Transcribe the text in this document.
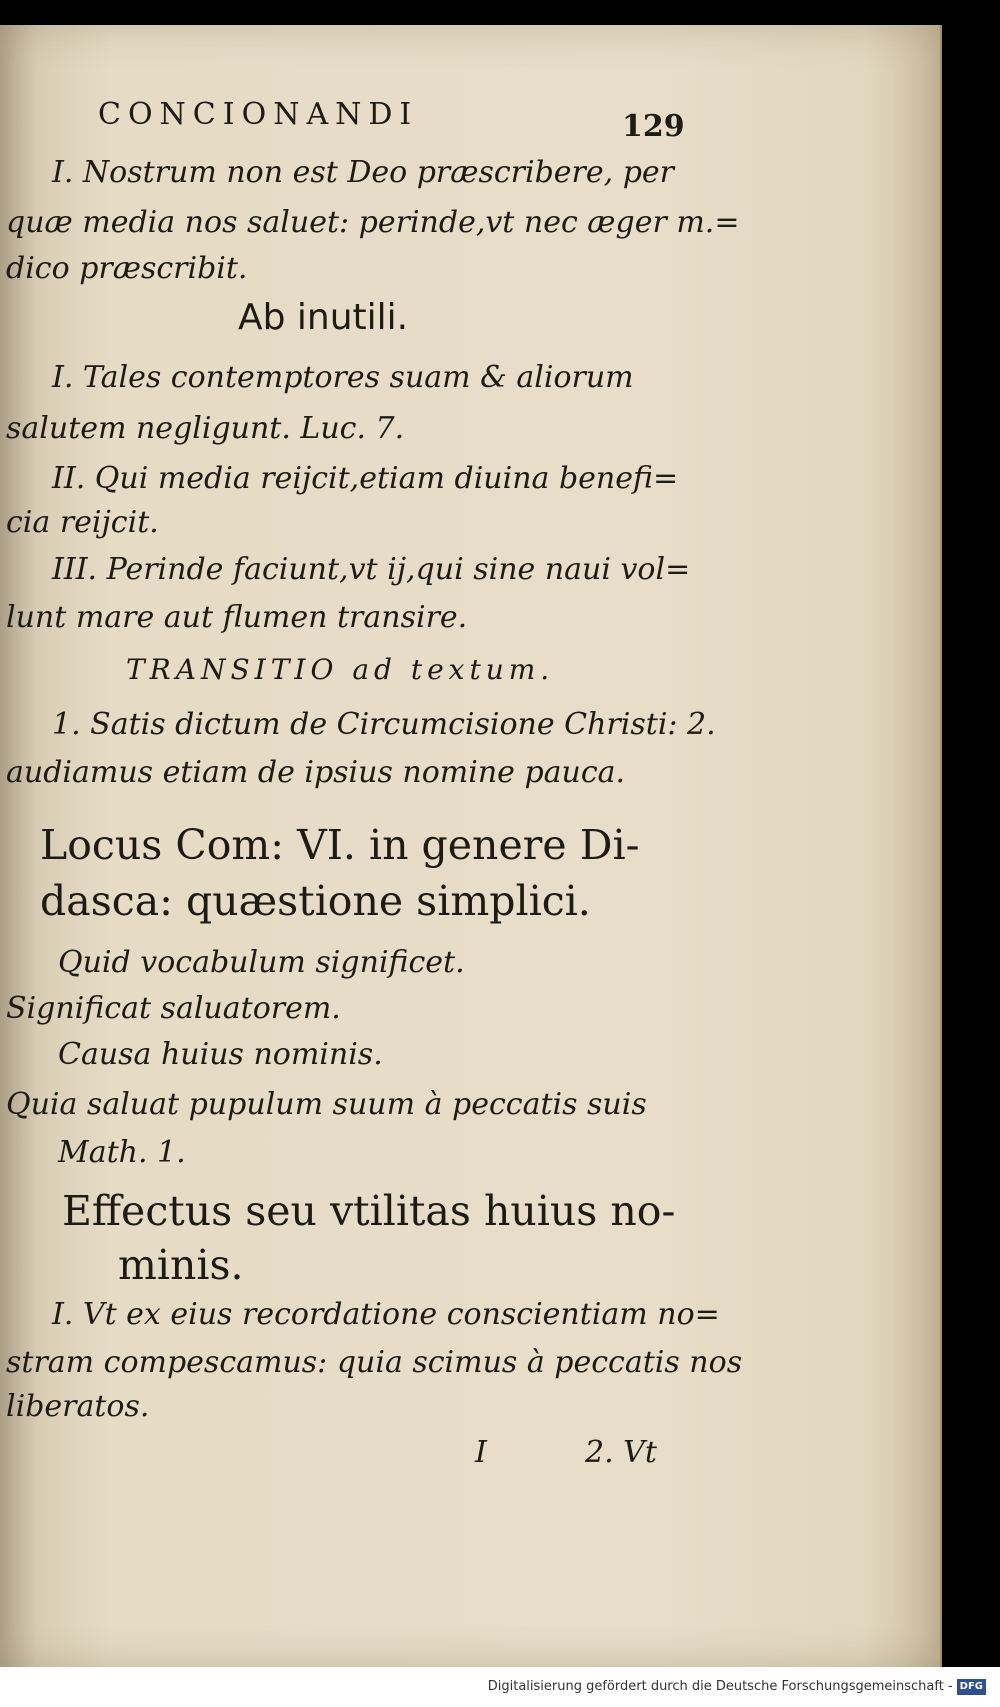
CONCIONANDI	129

I. Nostrum non est Deo præscribere, per

quæ media nos saluet: perinde,vt nec æger m.=

dico præscribit.

Ab inutili.

I. Tales contemptores suam & aliorum

salutem negligunt. Luc. 7.

II. Qui media reijcit,etiam diuina benefi=

cia reijcit.

III. Perinde faciunt,vt ij,qui sine naui vol=

lunt mare aut flumen transire.

TRANSITIO ad textum.

1. Satis dictum de Circumcisione Christi: 2.

audiamus etiam de ipsius nomine pauca.

Locus Com: VI. in genere Di-

dasca: quæstione simplici.

Quid vocabulum significet.

Significat saluatorem.

Causa huius nominis.

Quia saluat pupulum suum à peccatis suis

Math. 1.

Effectus seu vtilitas huius no-

minis.

I. Vt ex eius recordatione conscientiam no=

stram compescamus: quia scimus à peccatis nos

liberatos.

I	2. Vt

Digitalisierung gefördert durch die Deutsche Forschungsgemeinschaft - DFG
